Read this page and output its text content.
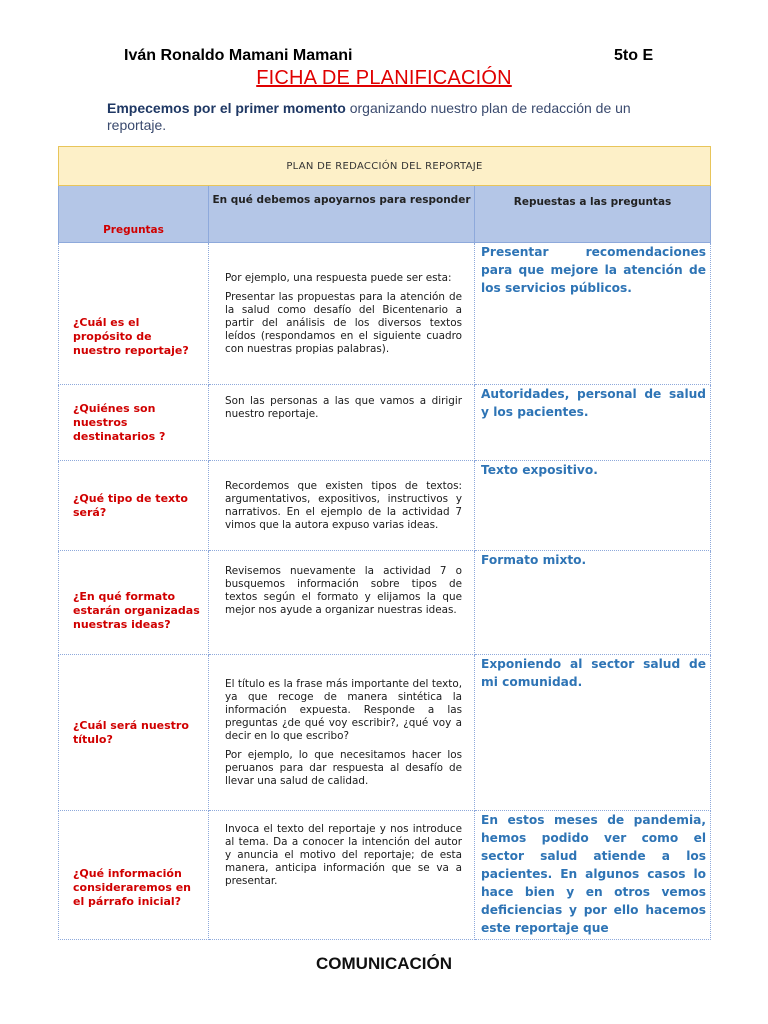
Iván Ronaldo Mamani Mamani	5to E
FICHA DE PLANIFICACIÓN
Empecemos por el primer momento organizando nuestro plan de redacción de un reportaje.
PLAN DE REDACCIÓN DEL REPORTAJE		
Preguntas	En qué debemos apoyarnos para responder	Repuestas a las preguntas
¿Cuál es el propósito de nuestro reportaje?	Por ejemplo, una respuesta puede ser esta:

Presentar las propuestas para la atención de la salud como desafío del Bicentenario a partir del análisis de los diversos textos leídos (respondamos en el siguiente cuadro con nuestras propias palabras).	Presentar recomendaciones para que mejore la atención de los servicios públicos.

¿Quiénes son nuestros destinatarios ?	Son las personas a las que vamos a dirigir nuestro reportaje.	Autoridades, personal de salud y los pacientes.

¿Qué tipo de texto será?	Recordemos que existen tipos de textos: argumentativos, expositivos, instructivos y narrativos. En el ejemplo de la actividad 7 vimos que la autora expuso varias ideas.	Texto expositivo.

¿En qué formato estarán organizadas nuestras ideas?	Revisemos nuevamente la actividad 7 o busquemos información sobre tipos de textos según el formato y elijamos la que mejor nos ayude a organizar nuestras ideas.	Formato mixto.

¿Cuál será nuestro título?	El título es la frase más importante del texto, ya que recoge de manera sintética la información expuesta. Responde a las preguntas ¿de qué voy escribir?, ¿qué voy a decir en lo que escribo?

Por ejemplo, lo que necesitamos hacer los peruanos para dar respuesta al desafío de llevar una salud de calidad.	Exponiendo al sector salud de mi comunidad.

¿Qué información consideraremos en el párrafo inicial?	Invoca el texto del reportaje y nos introduce al tema. Da a conocer la intención del autor y anuncia el motivo del reportaje; de esta manera, anticipa información que se va a presentar.	En estos meses de pandemia, hemos podido ver como el sector salud atiende a los pacientes. En algunos casos lo hace bien y en otros vemos deficiencias y por ello hacemos este reportaje que
COMUNICACIÓN
